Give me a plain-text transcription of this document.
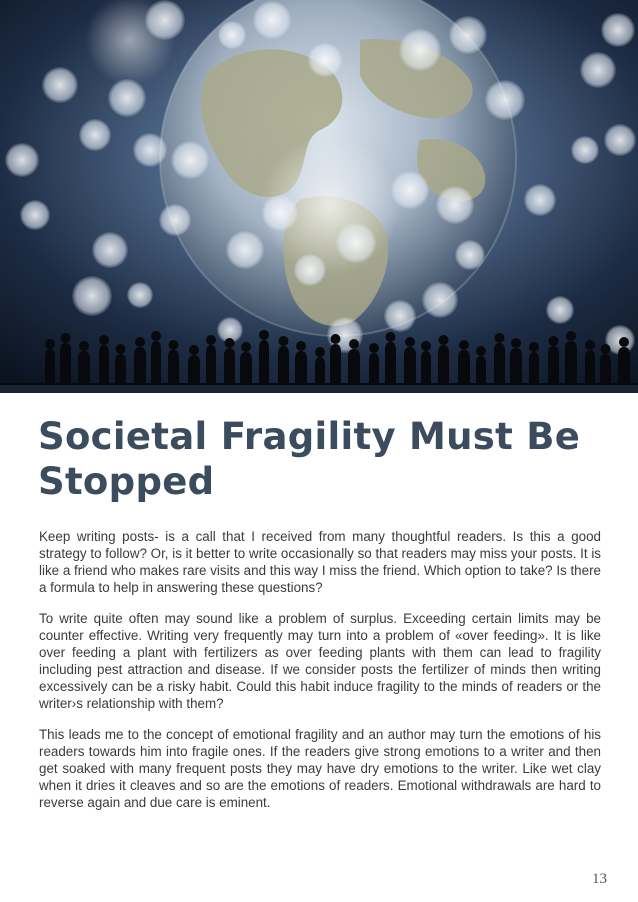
Societal Fragility Must Be Stopped

Keep writing posts- is a call that I received from many thoughtful readers. Is this a good strategy to follow? Or, is it better to write occasionally so that readers may miss your posts. It is like a friend who makes rare visits and this way I miss the friend. Which option to take? Is there a formula to help in answering these questions?

To write quite often may sound like a problem of surplus. Exceeding certain limits may be counter effective. Writing very frequently may turn into a problem of «over feeding». It is like over feeding a plant with fertilizers as over feeding plants with them can lead to fragility including pest attraction and disease. If we consider posts the fertilizer of minds then writing excessively can be a risky habit. Could this habit induce fragility to the minds of readers or the writer›s relationship with them?

This leads me to the concept of emotional fragility and an author may turn the emotions of his readers towards him into fragile ones. If the readers give strong emotions to a writer and then get soaked with many frequent posts they may have dry emotions to the writer. Like wet clay when it dries it cleaves and so are the emotions of readers. Emotional withdrawals are hard to reverse again and due care is eminent.

13
